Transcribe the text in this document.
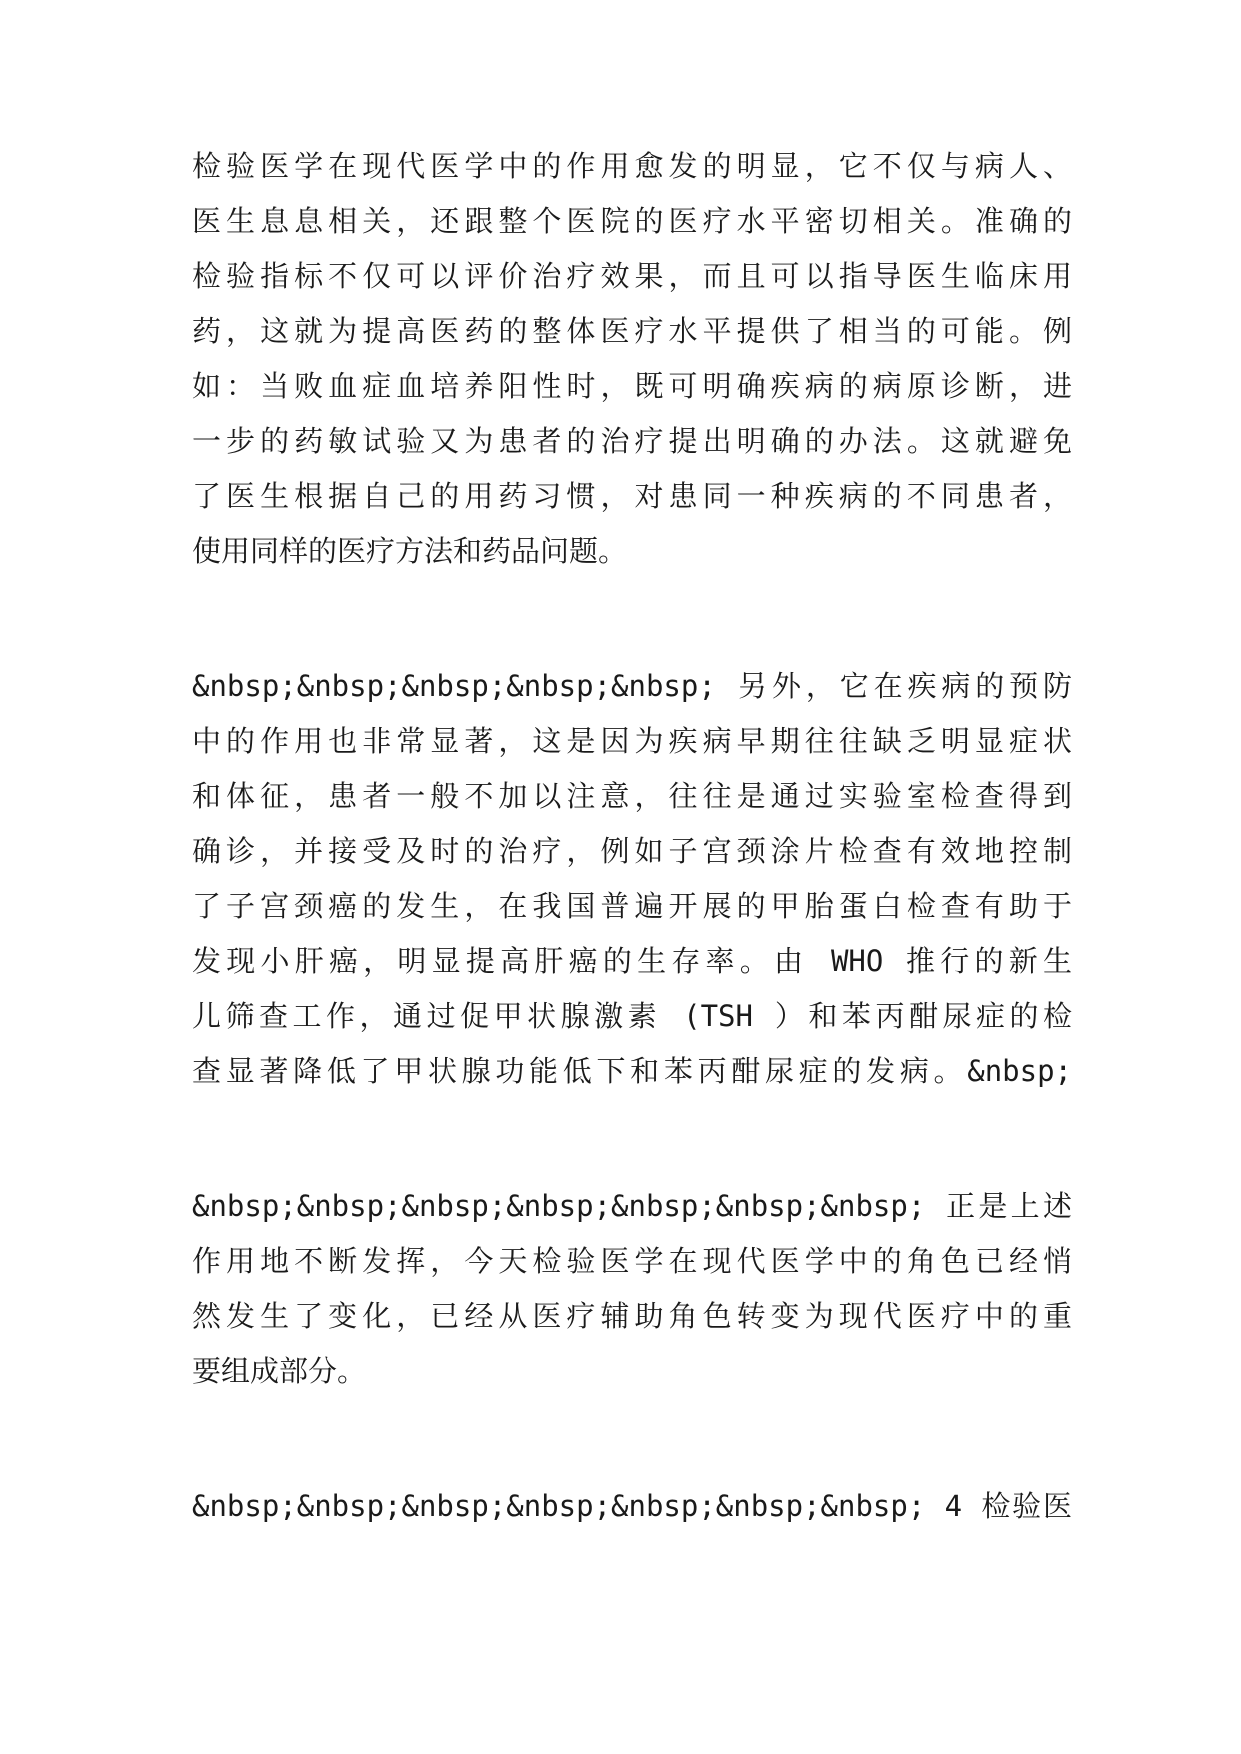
检验医学在现代医学中的作用愈发的明显，它不仅与病人、
医生息息相关，还跟整个医院的医疗水平密切相关。准确的
检验指标不仅可以评价治疗效果，而且可以指导医生临床用
药，这就为提高医药的整体医疗水平提供了相当的可能。例
如：当败血症血培养阳性时，既可明确疾病的病原诊断，进
一步的药敏试验又为患者的治疗提出明确的办法。这就避免
了医生根据自己的用药习惯，对患同一种疾病的不同患者，
使用同样的医疗方法和药品问题。
&nbsp;&nbsp;&nbsp;&nbsp;&nbsp; 另外，它在疾病的预防
中的作用也非常显著，这是因为疾病早期往往缺乏明显症状
和体征，患者一般不加以注意，往往是通过实验室检查得到
确诊，并接受及时的治疗，例如子宫颈涂片检查有效地控制
了子宫颈癌的发生，在我国普遍开展的甲胎蛋白检查有助于
发现小肝癌，明显提高肝癌的生存率。由 WHO 推行的新生
儿筛查工作，通过促甲状腺激素 (TSH ）和苯丙酣尿症的检
查显著降低了甲状腺功能低下和苯丙酣尿症的发病。&nbsp;
&nbsp;&nbsp;&nbsp;&nbsp;&nbsp;&nbsp;&nbsp; 正是上述
作用地不断发挥，今天检验医学在现代医学中的角色已经悄
然发生了变化，已经从医疗辅助角色转变为现代医疗中的重
要组成部分。
&nbsp;&nbsp;&nbsp;&nbsp;&nbsp;&nbsp;&nbsp; 4 检验医
